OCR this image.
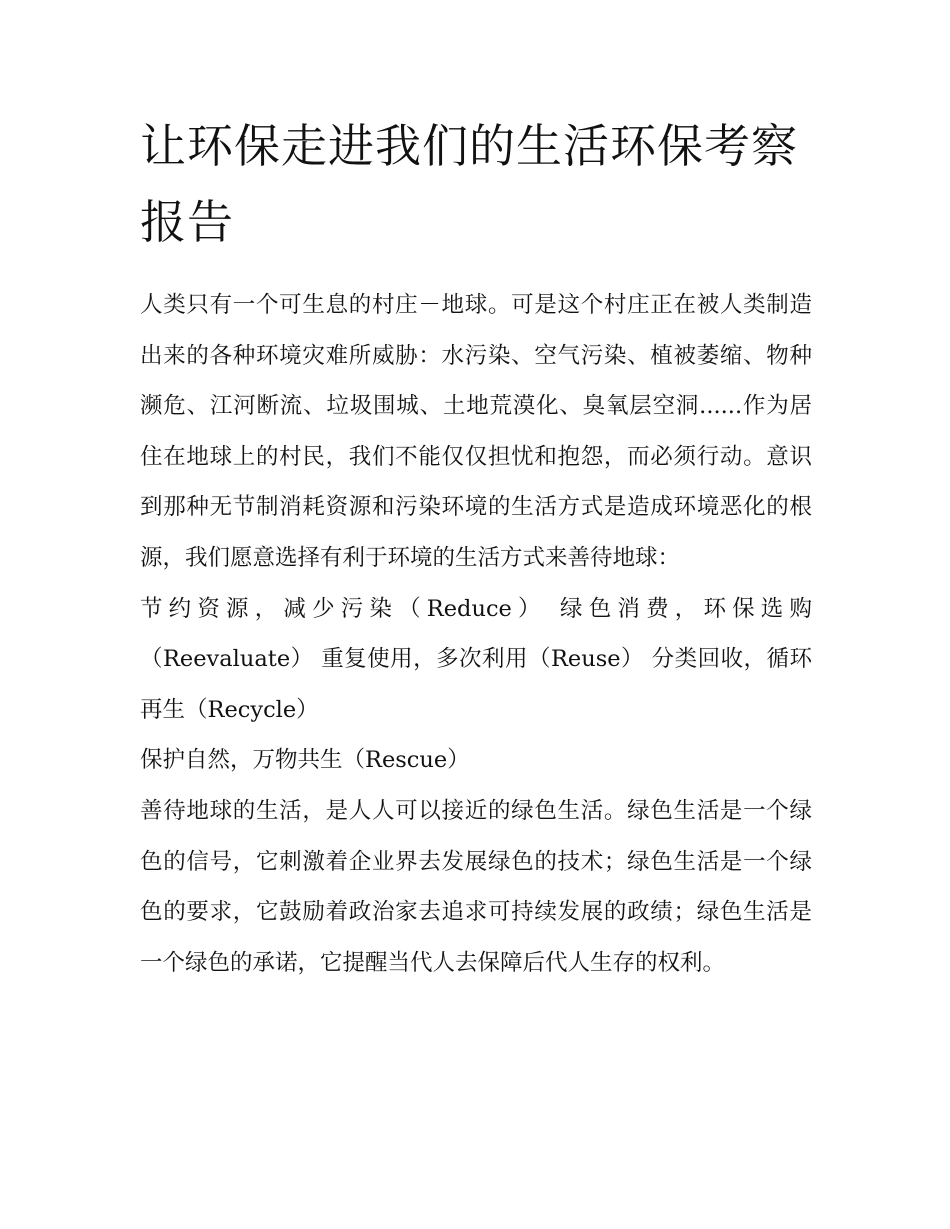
让环保走进我们的生活环保考察报告

人类只有一个可生息的村庄－地球。可是这个村庄正在被人类制造出来的各种环境灾难所威胁：水污染、空气污染、植被萎缩、物种濒危、江河断流、垃圾围城、土地荒漠化、臭氧层空洞......作为居住在地球上的村民，我们不能仅仅担忧和抱怨，而必须行动。意识到那种无节制消耗资源和污染环境的生活方式是造成环境恶化的根源，我们愿意选择有利于环境的生活方式来善待地球：

节约资源，减少污染（Reduce） 绿色消费，环保选购（Reevaluate） 重复使用，多次利用（Reuse） 分类回收，循环再生（Recycle）

保护自然，万物共生（Rescue）

善待地球的生活，是人人可以接近的绿色生活。绿色生活是一个绿色的信号，它刺激着企业界去发展绿色的技术；绿色生活是一个绿色的要求，它鼓励着政治家去追求可持续发展的政绩；绿色生活是一个绿色的承诺，它提醒当代人去保障后代人生存的权利。
